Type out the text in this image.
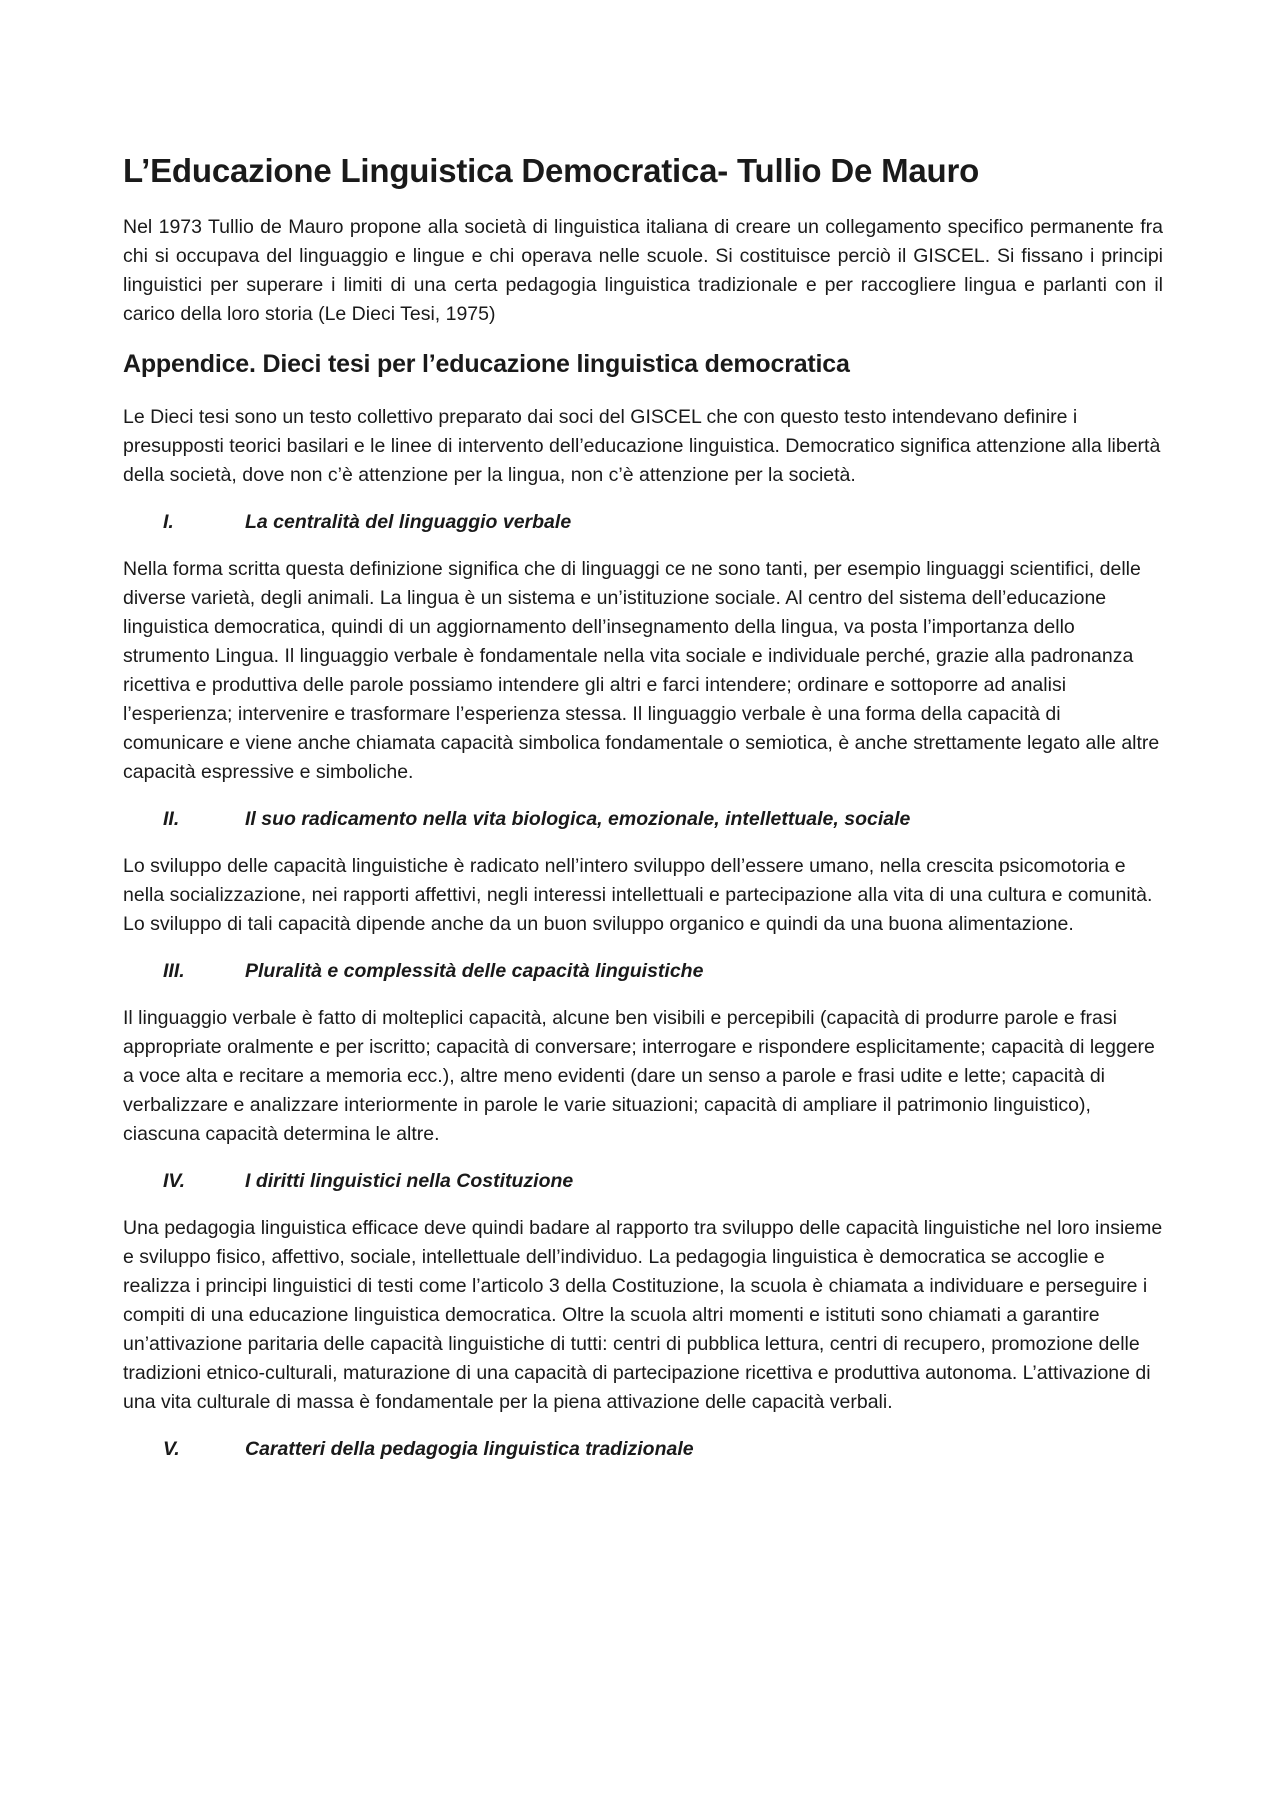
L’Educazione Linguistica Democratica- Tullio De Mauro

Nel 1973 Tullio de Mauro propone alla società di linguistica italiana di creare un collegamento specifico permanente fra chi si occupava del linguaggio e lingue e chi operava nelle scuole. Si costituisce perciò il GISCEL. Si fissano i principi linguistici per superare i limiti di una certa pedagogia linguistica tradizionale e per raccogliere lingua e parlanti con il carico della loro storia (Le Dieci Tesi, 1975)

Appendice. Dieci tesi per l’educazione linguistica democratica

Le Dieci tesi sono un testo collettivo preparato dai soci del GISCEL che con questo testo intendevano definire i presupposti teorici basilari e le linee di intervento dell’educazione linguistica. Democratico significa attenzione alla libertà della società, dove non c’è attenzione per la lingua, non c’è attenzione per la società.

I.	La centralità del linguaggio verbale

Nella forma scritta questa definizione significa che di linguaggi ce ne sono tanti, per esempio linguaggi scientifici, delle diverse varietà, degli animali. La lingua è un sistema e un’istituzione sociale. Al centro del sistema dell’educazione linguistica democratica, quindi di un aggiornamento dell’insegnamento della lingua, va posta l’importanza dello strumento Lingua. Il linguaggio verbale è fondamentale nella vita sociale e individuale perché, grazie alla padronanza ricettiva e produttiva delle parole possiamo intendere gli altri e farci intendere; ordinare e sottoporre ad analisi l’esperienza; intervenire e trasformare l’esperienza stessa. Il linguaggio verbale è una forma della capacità di comunicare e viene anche chiamata capacità simbolica fondamentale o semiotica, è anche strettamente legato alle altre capacità espressive e simboliche.

II.	Il suo radicamento nella vita biologica, emozionale, intellettuale, sociale

Lo sviluppo delle capacità linguistiche è radicato nell’intero sviluppo dell’essere umano, nella crescita psicomotoria e nella socializzazione, nei rapporti affettivi, negli interessi intellettuali e partecipazione alla vita di una cultura e comunità. Lo sviluppo di tali capacità dipende anche da un buon sviluppo organico e quindi da una buona alimentazione.

III.	Pluralità e complessità delle capacità linguistiche

Il linguaggio verbale è fatto di molteplici capacità, alcune ben visibili e percepibili (capacità di produrre parole e frasi appropriate oralmente e per iscritto; capacità di conversare; interrogare e rispondere esplicitamente; capacità di leggere a voce alta e recitare a memoria ecc.), altre meno evidenti (dare un senso a parole e frasi udite e lette; capacità di verbalizzare e analizzare interiormente in parole le varie situazioni; capacità di ampliare il patrimonio linguistico), ciascuna capacità determina le altre.

IV.	I diritti linguistici nella Costituzione

Una pedagogia linguistica efficace deve quindi badare al rapporto tra sviluppo delle capacità linguistiche nel loro insieme e sviluppo fisico, affettivo, sociale, intellettuale dell’individuo. La pedagogia linguistica è democratica se accoglie e realizza i principi linguistici di testi come l’articolo 3 della Costituzione, la scuola è chiamata a individuare e perseguire i compiti di una educazione linguistica democratica. Oltre la scuola altri momenti e istituti sono chiamati a garantire un’attivazione paritaria delle capacità linguistiche di tutti: centri di pubblica lettura, centri di recupero, promozione delle tradizioni etnico-culturali, maturazione di una capacità di partecipazione ricettiva e produttiva autonoma. L’attivazione di una vita culturale di massa è fondamentale per la piena attivazione delle capacità verbali.

V.	Caratteri della pedagogia linguistica tradizionale
